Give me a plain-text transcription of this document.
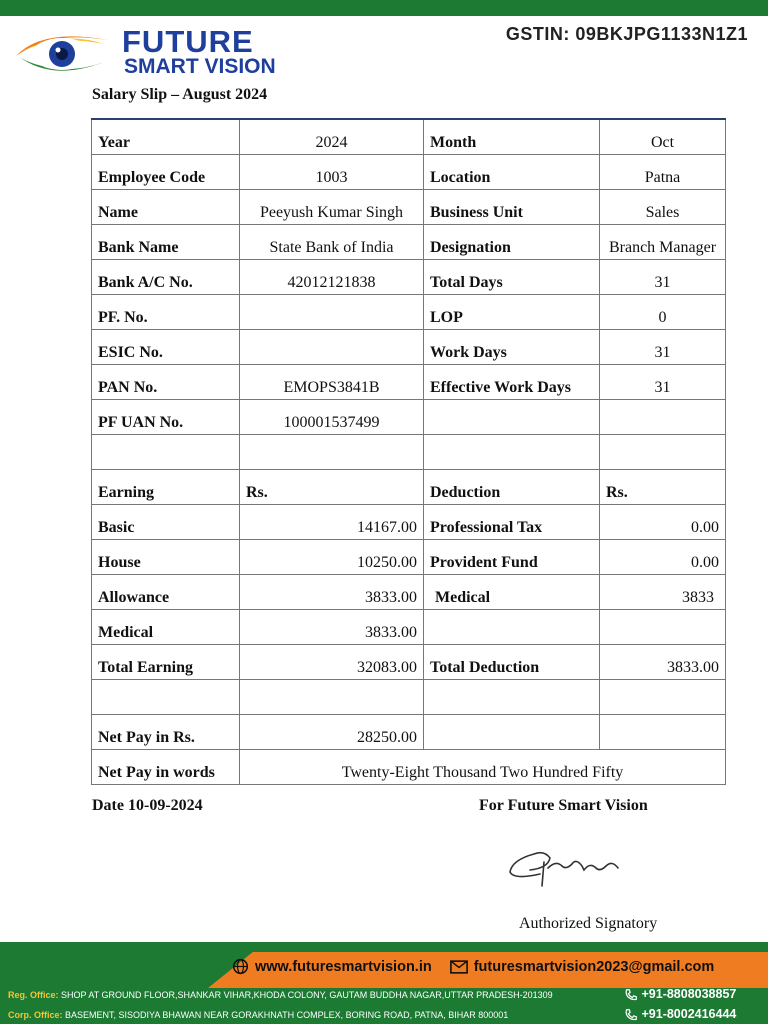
FUTURE
SMART VISION
GSTIN: 09BKJPG1133N1Z1
Salary Slip – August 2024
Year	2024	Month	Oct
Employee Code	1003	Location	Patna
Name	Peeyush Kumar Singh	Business Unit	Sales
Bank Name	State Bank of India	Designation	Branch Manager
Bank A/C No.	42012121838	Total Days	31
PF. No.		LOP	0
ESIC No.		Work Days	31
PAN No.	EMOPS3841B	Effective Work Days	31
PF UAN No.	100001537499		

Earning	Rs.	Deduction	Rs.
Basic	14167.00	Professional Tax	0.00
House	10250.00	Provident Fund	0.00
Allowance	3833.00	Medical	3833
Medical	3833.00		
Total Earning	32083.00	Total Deduction	3833.00

Net Pay in Rs.	28250.00		
Net Pay in words	Twenty-Eight Thousand Two Hundred Fifty		
Date 10-09-2024	For Future Smart Vision
Authorized Signatory
www.futuresmartvision.in	futuresmartvision2023@gmail.com
Reg. Office: SHOP AT GROUND FLOOR,SHANKAR VIHAR,KHODA COLONY, GAUTAM BUDDHA NAGAR,UTTAR PRADESH-201309	+91-8808038857
Corp. Office: BASEMENT, SISODIYA BHAWAN NEAR GORAKHNATH COMPLEX, BORING ROAD, PATNA, BIHAR 800001	+91-8002416444
